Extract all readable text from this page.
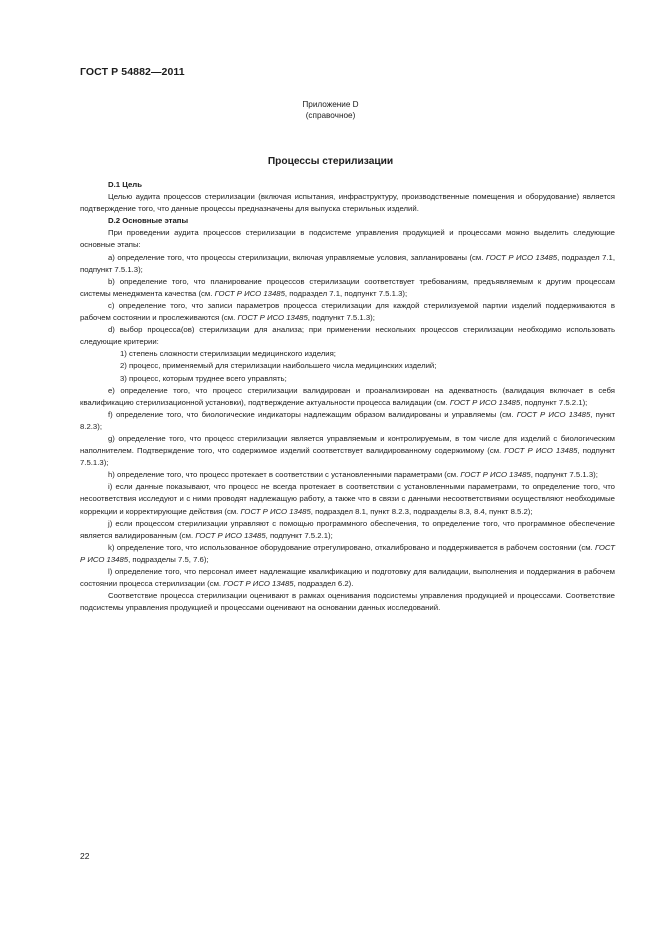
ГОСТ Р 54882—2011
Приложение D
(справочное)
Процессы стерилизации

D.1 Цель

Целью аудита процессов стерилизации (включая испытания, инфраструктуру, производственные помещения и оборудование) является подтверждение того, что данные процессы предназначены для выпуска стерильных изделий.

D.2 Основные этапы

При проведении аудита процессов стерилизации в подсистеме управления продукцией и процессами можно выделить следующие основные этапы:

а) определение того, что процессы стерилизации, включая управляемые условия, запланированы (см. ГОСТ Р ИСО 13485, подраздел 7.1, подпункт 7.5.1.3);

b) определение того, что планирование процессов стерилизации соответствует требованиям, предъявляемым к другим процессам системы менеджмента качества (см. ГОСТ Р ИСО 13485, подраздел 7.1, подпункт 7.5.1.3);

c) определение того, что записи параметров процесса стерилизации для каждой стерилизуемой партии изделий поддерживаются в рабочем состоянии и прослеживаются (см. ГОСТ Р ИСО 13485, подпункт 7.5.1.3);

d) выбор процесса(ов) стерилизации для анализа; при применении нескольких процессов стерилизации необходимо использовать следующие критерии:

1) степень сложности стерилизации медицинского изделия;

2) процесс, применяемый для стерилизации наибольшего числа медицинских изделий;

3) процесс, которым труднее всего управлять;

e) определение того, что процесс стерилизации валидирован и проанализирован на адекватность (валидация включает в себя квалификацию стерилизационной установки), подтверждение актуальности процесса валидации (см. ГОСТ Р ИСО 13485, подпункт 7.5.2.1);

f) определение того, что биологические индикаторы надлежащим образом валидированы и управляемы (см. ГОСТ Р ИСО 13485, пункт 8.2.3);

g) определение того, что процесс стерилизации является управляемым и контролируемым, в том числе для изделий с биологическим наполнителем. Подтверждение того, что содержимое изделий соответствует валидированному содержимому (см. ГОСТ Р ИСО 13485, подпункт 7.5.1.3);

h) определение того, что процесс протекает в соответствии с установленными параметрами (см. ГОСТ Р ИСО 13485, подпункт 7.5.1.3);

i) если данные показывают, что процесс не всегда протекает в соответствии с установленными параметрами, то определение того, что несоответствия исследуют и с ними проводят надлежащую работу, а также что в связи с данными несоответствиями осуществляют необходимые коррекции и корректирующие действия (см. ГОСТ Р ИСО 13485, подраздел 8.1, пункт 8.2.3, подразделы 8.3, 8.4, пункт 8.5.2);

j) если процессом стерилизации управляют с помощью программного обеспечения, то определение того, что программное обеспечение является валидированным (см. ГОСТ Р ИСО 13485, подпункт 7.5.2.1);

k) определение того, что использованное оборудование отрегулировано, откалибровано и поддерживается в рабочем состоянии (см. ГОСТ Р ИСО 13485, подразделы 7.5, 7.6);

l) определение того, что персонал имеет надлежащие квалификацию и подготовку для валидации, выполнения и поддержания в рабочем состоянии процесса стерилизации (см. ГОСТ Р ИСО 13485, подраздел 6.2).

Соответствие процесса стерилизации оценивают в рамках оценивания подсистемы управления продукцией и процессами. Соответствие подсистемы управления продукцией и процессами оценивают на основании данных исследований.

22
